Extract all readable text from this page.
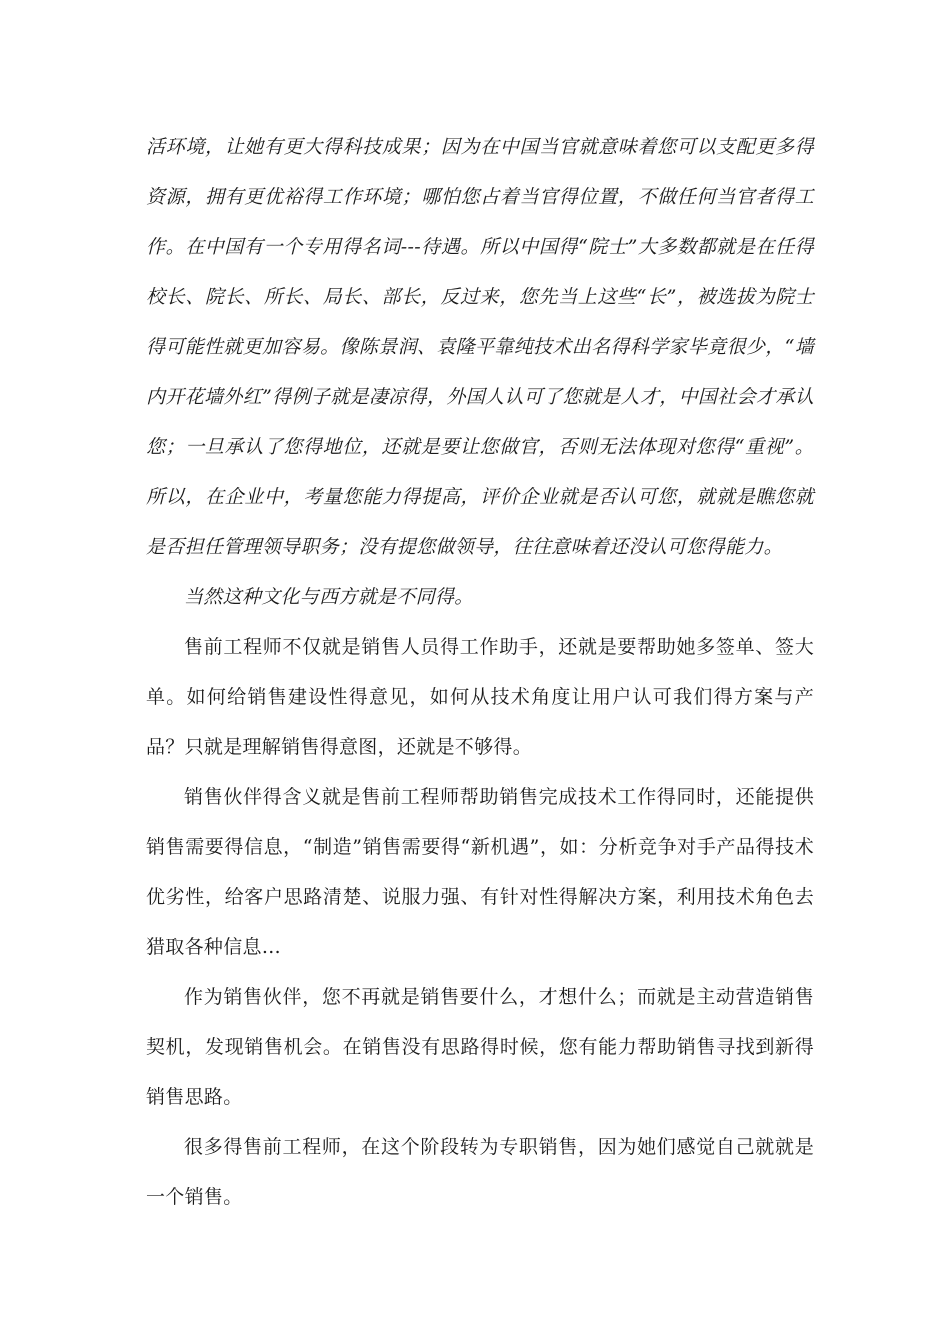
活环境，让她有更大得科技成果；因为在中国当官就意味着您可以支配更多得资源，拥有更优裕得工作环境；哪怕您占着当官得位置，不做任何当官者得工作。在中国有一个专用得名词---待遇。所以中国得“院士”大多数都就是在任得校长、院长、所长、局长、部长，反过来，您先当上这些“长”，被选拔为院士得可能性就更加容易。像陈景润、袁隆平靠纯技术出名得科学家毕竟很少，“墙内开花墙外红”得例子就是凄凉得，外国人认可了您就是人才，中国社会才承认您；一旦承认了您得地位，还就是要让您做官，否则无法体现对您得“重视”。所以，在企业中，考量您能力得提高，评价企业就是否认可您，就就是瞧您就是否担任管理领导职务；没有提您做领导，往往意味着还没认可您得能力。

当然这种文化与西方就是不同得。

售前工程师不仅就是销售人员得工作助手，还就是要帮助她多签单、签大单。如何给销售建设性得意见，如何从技术角度让用户认可我们得方案与产品？只就是理解销售得意图，还就是不够得。

销售伙伴得含义就是售前工程师帮助销售完成技术工作得同时，还能提供销售需要得信息，“制造”销售需要得“新机遇”，如：分析竞争对手产品得技术优劣性，给客户思路清楚、说服力强、有针对性得解决方案，利用技术角色去猎取各种信息…

作为销售伙伴，您不再就是销售要什么，才想什么；而就是主动营造销售契机，发现销售机会。在销售没有思路得时候，您有能力帮助销售寻找到新得销售思路。

很多得售前工程师，在这个阶段转为专职销售，因为她们感觉自己就就是一个销售。
